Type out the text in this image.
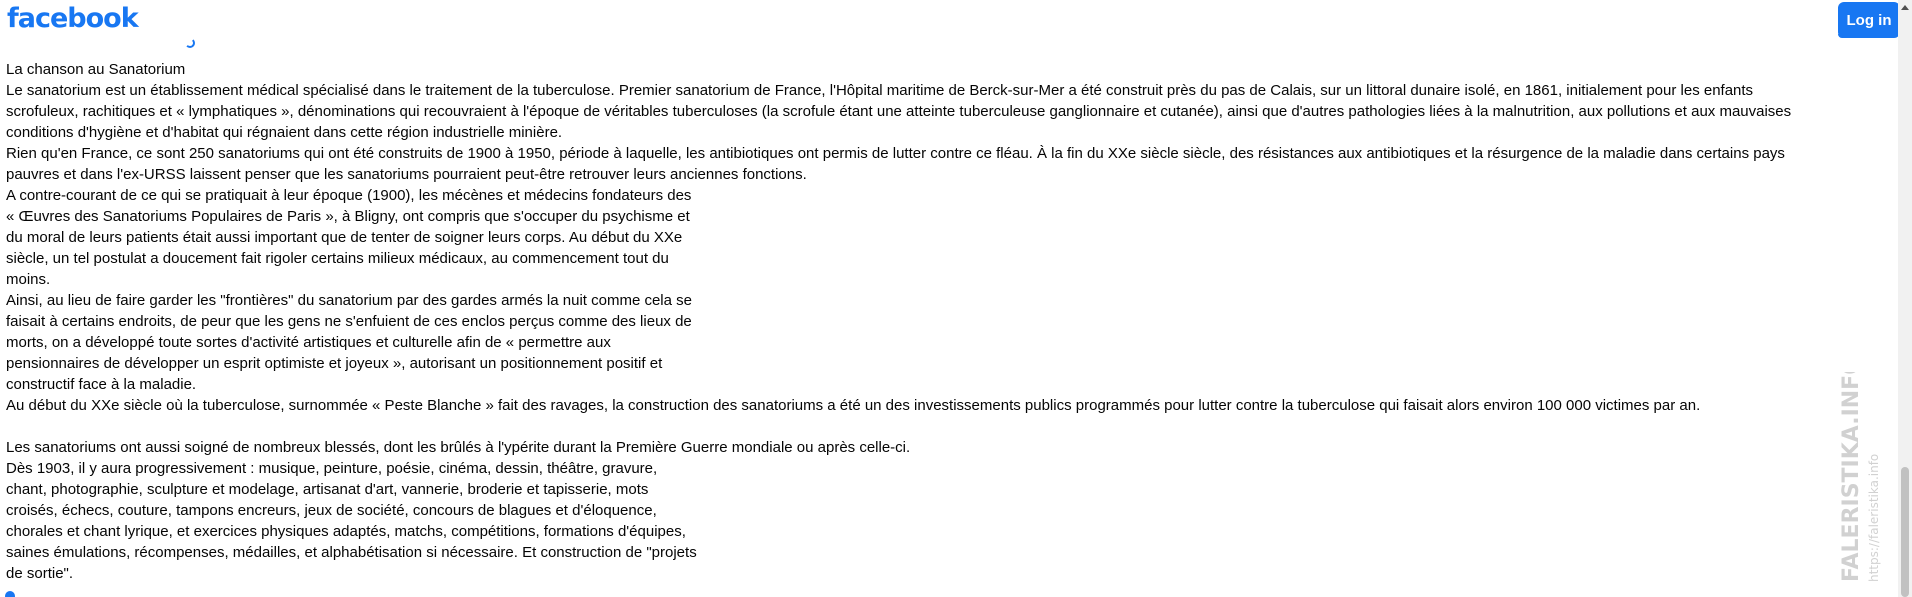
facebook	Log in
La chanson au Sanatorium
Le sanatorium est un établissement médical spécialisé dans le traitement de la tuberculose. Premier sanatorium de France, l'Hôpital maritime de Berck-sur-Mer a été construit près du pas de Calais, sur un littoral dunaire isolé, en 1861, initialement pour les enfants
scrofuleux, rachitiques et « lymphatiques », dénominations qui recouvraient à l'époque de véritables tuberculoses (la scrofule étant une atteinte tuberculeuse ganglionnaire et cutanée), ainsi que d'autres pathologies liées à la malnutrition, aux pollutions et aux mauvaises
conditions d'hygiène et d'habitat qui régnaient dans cette région industrielle minière.
Rien qu'en France, ce sont 250 sanatoriums qui ont été construits de 1900 à 1950, période à laquelle, les antibiotiques ont permis de lutter contre ce fléau. À la fin du XXe siècle siècle, des résistances aux antibiotiques et la résurgence de la maladie dans certains pays
pauvres et dans l'ex-URSS laissent penser que les sanatoriums pourraient peut-être retrouver leurs anciennes fonctions.
A contre-courant de ce qui se pratiquait à leur époque (1900), les mécènes et médecins fondateurs des
« Œuvres des Sanatoriums Populaires de Paris », à Bligny, ont compris que s'occuper du psychisme et
du moral de leurs patients était aussi important que de tenter de soigner leurs corps. Au début du XXe
siècle, un tel postulat a doucement fait rigoler certains milieux médicaux, au commencement tout du
moins.
Ainsi, au lieu de faire garder les "frontières" du sanatorium par des gardes armés la nuit comme cela se
faisait à certains endroits, de peur que les gens ne s'enfuient de ces enclos perçus comme des lieux de
morts, on a développé toute sortes d'activité artistiques et culturelle afin de « permettre aux
pensionnaires de développer un esprit optimiste et joyeux », autorisant un positionnement positif et
constructif face à la maladie.
Au début du XXe siècle où la tuberculose, surnommée « Peste Blanche » fait des ravages, la construction des sanatoriums a été un des investissements publics programmés pour lutter contre la tuberculose qui faisait alors environ 100 000 victimes par an.
Les sanatoriums ont aussi soigné de nombreux blessés, dont les brûlés à l'ypérite durant la Première Guerre mondiale ou après celle-ci.
Dès 1903, il y aura progressivement : musique, peinture, poésie, cinéma, dessin, théâtre, gravure,
chant, photographie, sculpture et modelage, artisanat d'art, vannerie, broderie et tapisserie, mots
croisés, échecs, couture, tampons encreurs, jeux de société, concours de blagues et d'éloquence,
chorales et chant lyrique, et exercices physiques adaptés, matchs, compétitions, formations d'équipes,
saines émulations, récompenses, médailles, et alphabétisation si nécessaire. Et construction de "projets
de sortie".	FALERISTIKA.INFO https://faleristika.info
